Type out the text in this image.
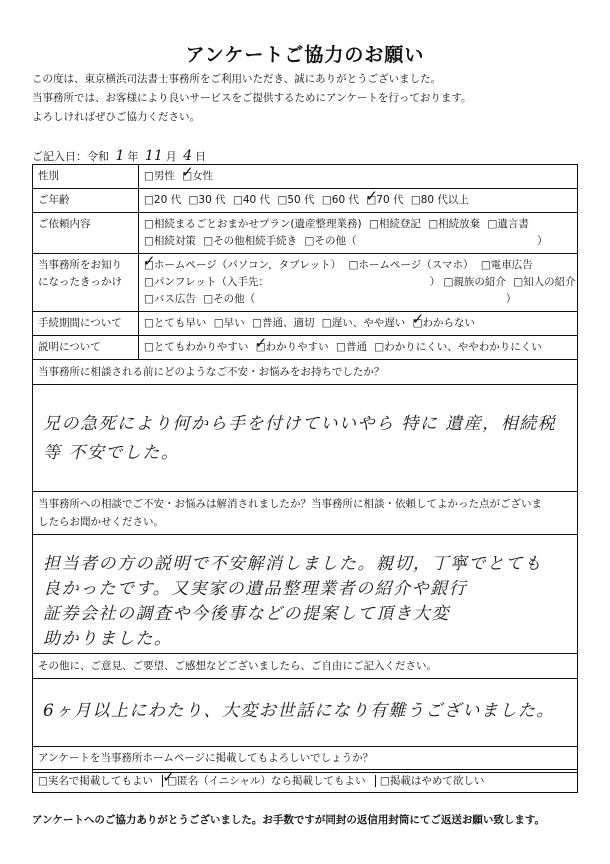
アンケートご協力のお願い
この度は、東京横浜司法書士事務所をご利用いただき、誠にありがとうございました。
当事務所では、お客様により良いサービスをご提供するためにアンケートを行っております。
よろしければぜひご協力ください。
ご記入日：令和 1 年 11 月 4 日
性別	□男性 □女性 ✓
ご年齢	□20 代 □30 代 □40 代 □50 代 □60 代 □70 代 ✓ □80 代以上
ご依頼内容	□相続まるごとおまかせプラン(遺産整理業務) □相続登記 □相続放棄 □遺言書
□相続対策 □その他相続手続き □その他（	）
当事務所をお知り
になったきっかけ
□ホームページ（パソコン，タブレット） ✓ □ホームページ（スマホ） □電車広告
□パンフレット（入手先：	） □親族の紹介 □知人の紹介
□バス広告 □その他（	）
手続期間について	□とても早い □早い □普通、適切 □遅い、やや遅い □わからない ✓
説明について	□とてもわかりやすい □わかりやすい ✓ □普通 □わかりにくい、ややわかりにくい
当事務所に相談される前にどのようなご不安・お悩みをお持ちでしたか？
兄の急死により何から手を付けていいやら 特に 遺産，相続税
等 不安でした。
当事務所への相談でご不安・お悩みは解消されましたか？当事務所に相談・依頼してよかった点がございま
したらお聞かせください。
担当者の方の説明で不安解消しました。親切，丁寧でとても
良かったです。又実家の遺品整理業者の紹介や銀行
証券会社の調査や今後事などの提案して頂き大変
助かりました。
その他に、ご意見、ご要望、ご感想などございましたら、ご自由にご記入ください。
6ヶ月以上にわたり、大変お世話になり有難うございました。
アンケートを当事務所ホームページに掲載してもよろしいでしょうか？
□実名で掲載してもよい □匿名（イニシャル）なら掲載してもよい ✓ □掲載はやめて欲しい
アンケートへのご協力ありがとうございました。お手数ですが同封の返信用封筒にてご返送お願い致します。
